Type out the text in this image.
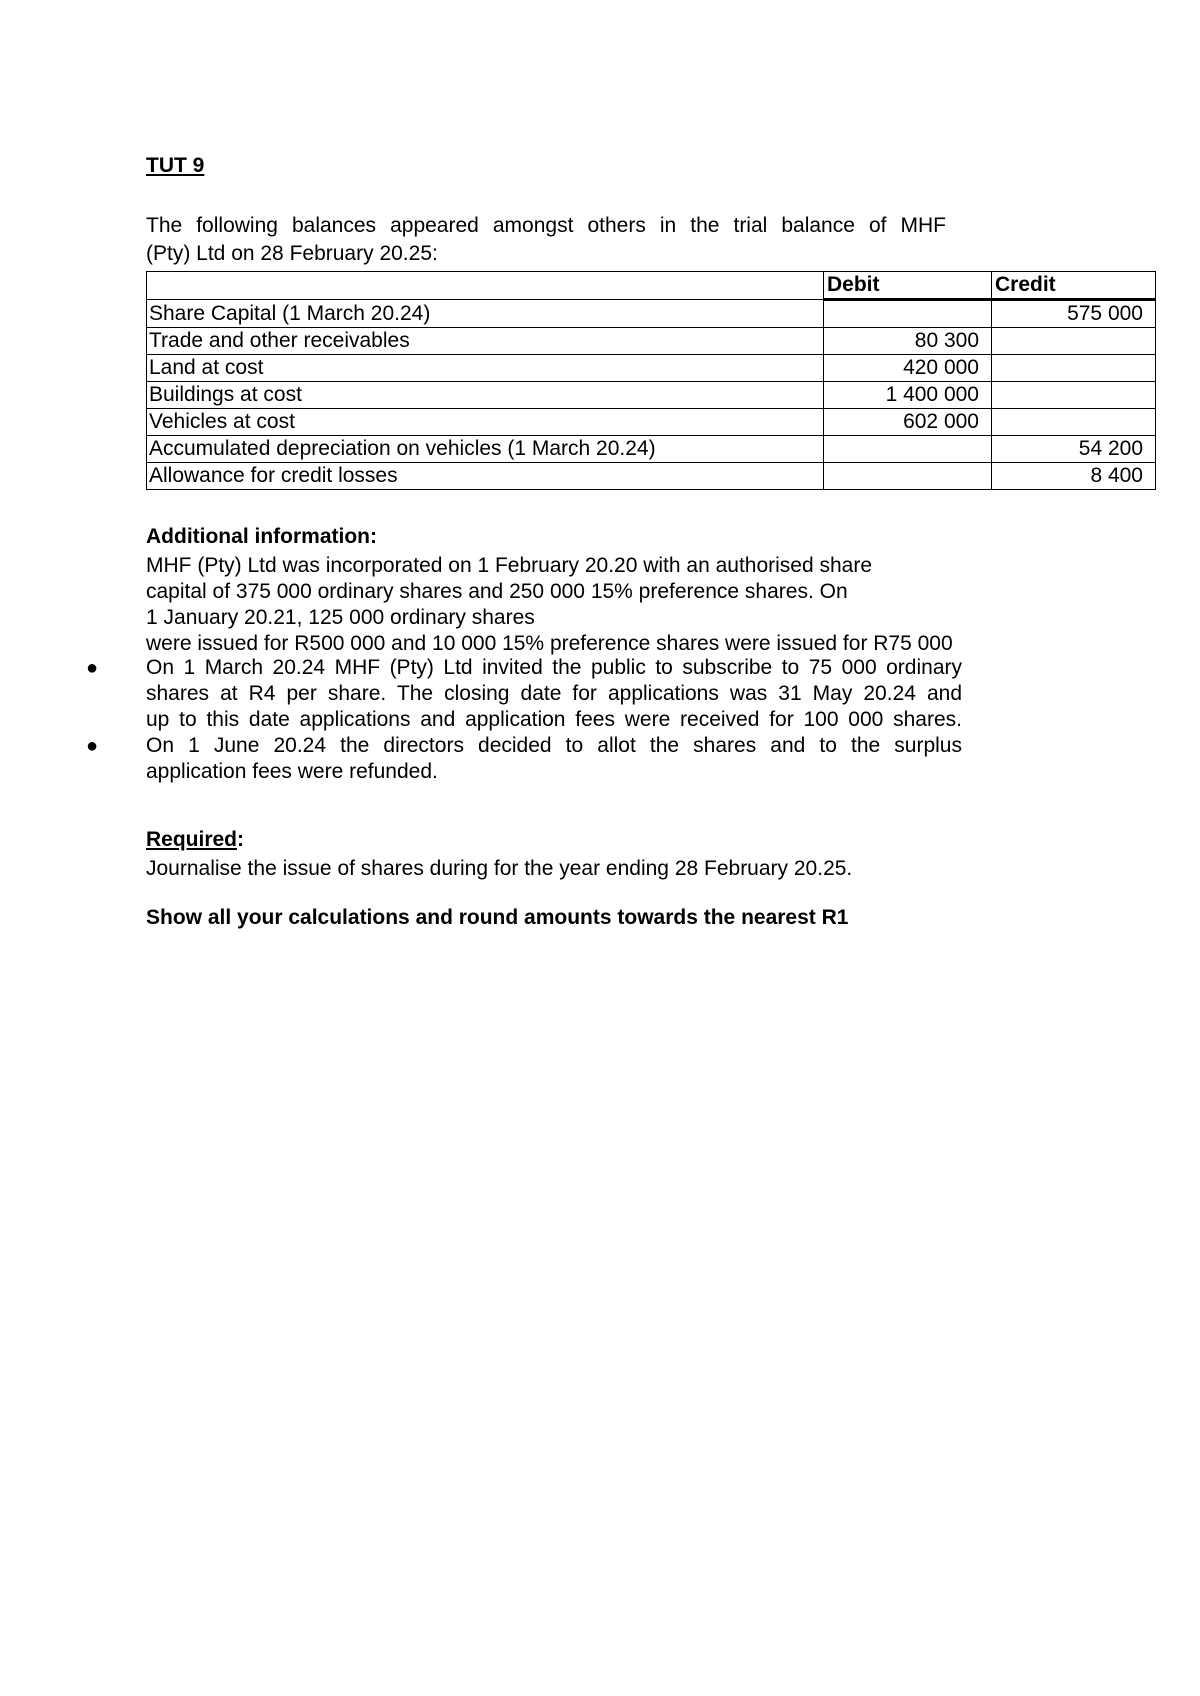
TUT 9
The following balances appeared amongst others in the trial balance of MHF
(Pty) Ltd on 28 February 20.25:
	Debit	Credit
Share Capital (1 March 20.24)		575 000
Trade and other receivables	80 300	
Land at cost	420 000	
Buildings at cost	1 400 000	
Vehicles at cost	602 000	
Accumulated depreciation on vehicles (1 March 20.24)		54 200
Allowance for credit losses		8 400
Additional information:
MHF (Pty) Ltd was incorporated on 1 February 20.20 with an authorised share
capital of 375 000 ordinary shares and 250 000 15% preference shares. On
1 January 20.21, 125 000 ordinary shares
were issued for R500 000 and 10 000 15% preference shares were issued for R75 000
● On 1 March 20.24 MHF (Pty) Ltd invited the public to subscribe to 75 000 ordinary
shares at R4 per share. The closing date for applications was 31 May 20.24 and
up to this date applications and application fees were received for 100 000 shares.
● On 1 June 20.24 the directors decided to allot the shares and to the surplus
application fees were refunded.
Required:
Journalise the issue of shares during for the year ending 28 February 20.25.
Show all your calculations and round amounts towards the nearest R1
